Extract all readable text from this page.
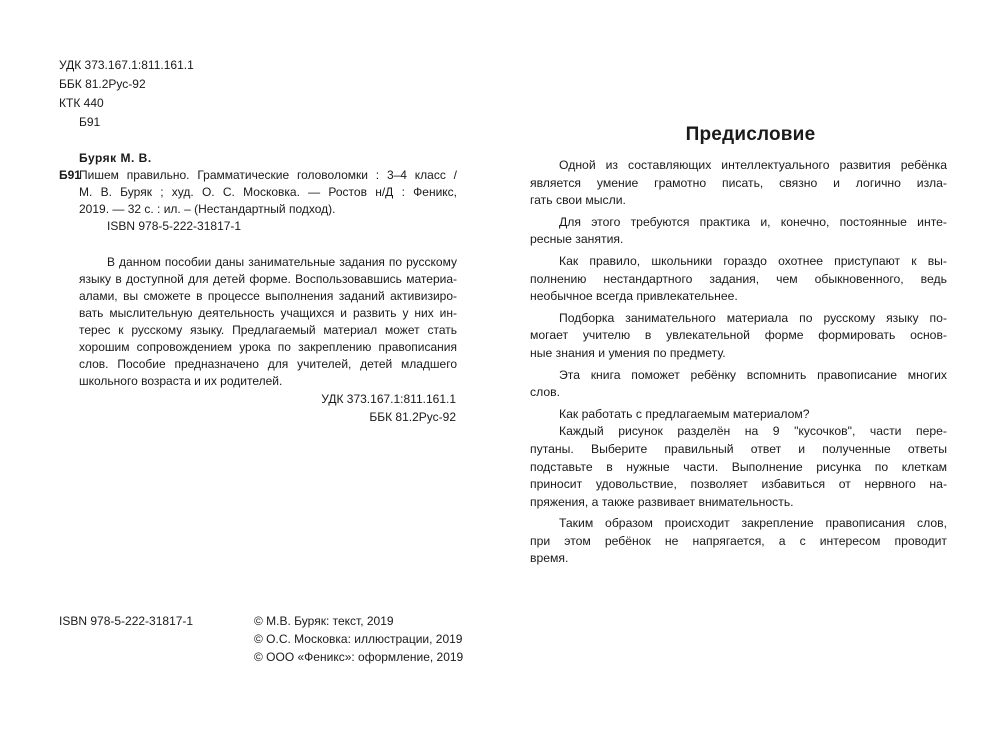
УДК 373.167.1:811.161.1
ББК 81.2Рус-92
КТК 440
Б91
Буряк М. В.
Б91
Пишем правильно. Грамматические головоломки : 3–4 класс /
М. В. Буряк ; худ. О. С. Московка. — Ростов н/Д : Феникс,
2019. — 32 с. : ил. – (Нестандартный подход).
ISBN 978-5-222-31817-1
В данном пособии даны занимательные задания по русскому
языку в доступной для детей форме. Воспользовавшись материа-
алами, вы сможете в процессе выполнения заданий активизиро-
вать мыслительную деятельность учащихся и развить у них ин-
терес к русскому языку. Предлагаемый материал может стать
хорошим сопровождением урока по закреплению правописания
слов. Пособие предназначено для учителей, детей младшего
школьного возраста и их родителей.
УДК 373.167.1:811.161.1
ББК 81.2Рус-92
ISBN 978-5-222-31817-1	© М.В. Буряк: текст, 2019
© О.С. Московка: иллюстрации, 2019
© ООО «Феникс»: оформление, 2019
Предисловие
Одной из составляющих интеллектуального развития ребёнка
является умение грамотно писать, связно и логично изла-
гать свои мысли.
Для этого требуются практика и, конечно, постоянные инте-
ресные занятия.
Как правило, школьники гораздо охотнее приступают к вы-
полнению нестандартного задания, чем обыкновенного, ведь
необычное всегда привлекательнее.
Подборка занимательного материала по русскому языку по-
могает учителю в увлекательной форме формировать основ-
ные знания и умения по предмету.
Эта книга поможет ребёнку вспомнить правописание многих
слов.
Как работать с предлагаемым материалом?
Каждый рисунок разделён на 9 "кусочков", части пере-
путаны. Выберите правильный ответ и полученные ответы
подставьте в нужные части. Выполнение рисунка по клеткам
приносит удовольствие, позволяет избавиться от нервного на-
пряжения, а также развивает внимательность.
Таким образом происходит закрепление правописания слов,
при этом ребёнок не напрягается, а с интересом проводит
время.
